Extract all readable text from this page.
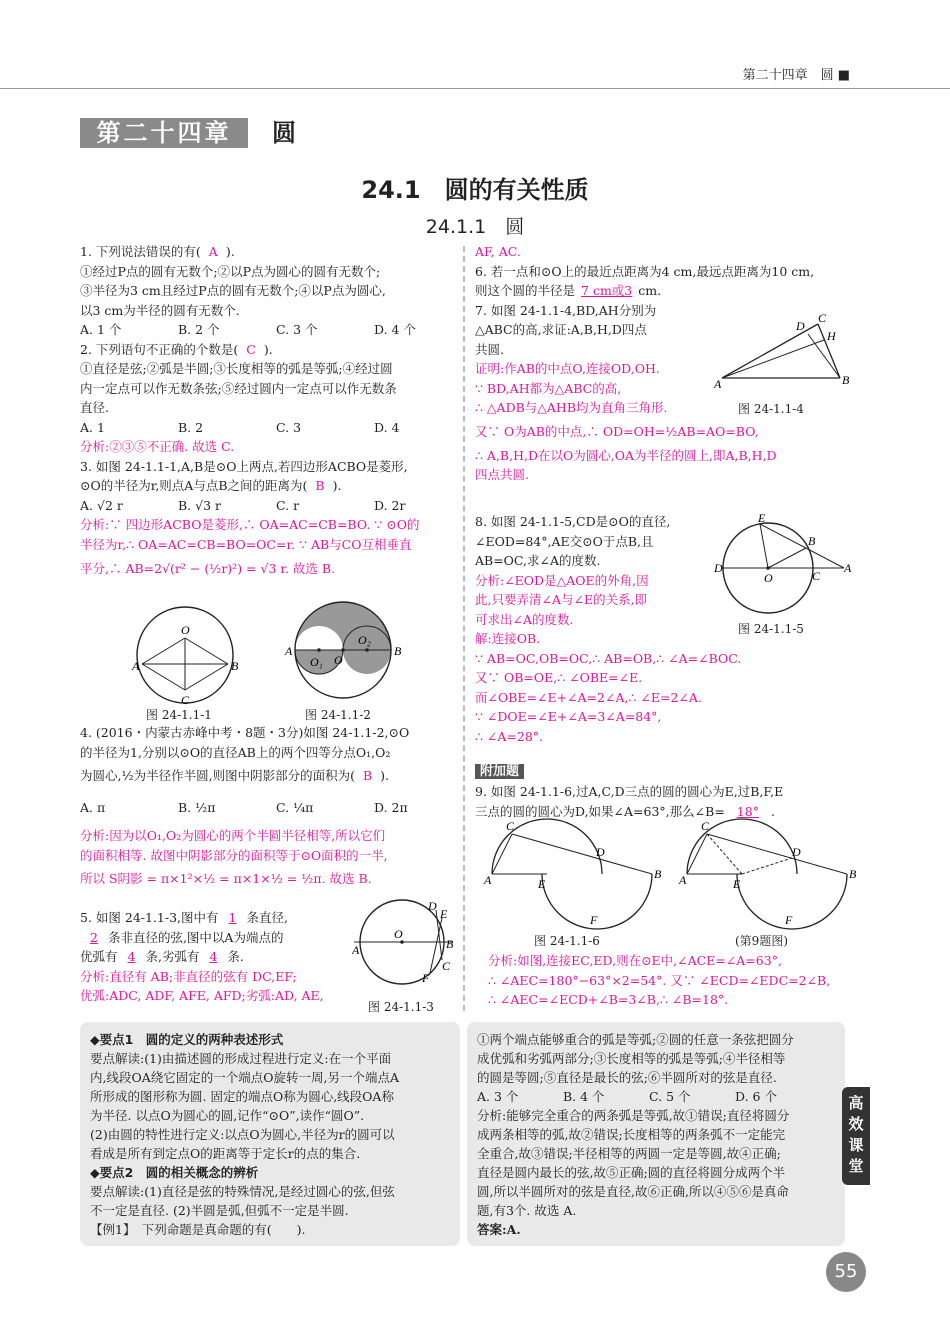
第二十四章　圆 ■
第二十四章	圆
24.1　圆的有关性质
24.1.1　圆

1. 下列说法错误的有( A ).

①经过P点的圆有无数个;②以P点为圆心的圆有无数个;

③半径为3 cm且经过P点的圆有无数个;④以P点为圆心,

以3 cm为半径的圆有无数个.

A. 1 个	B. 2 个	C. 3 个	D. 4 个

2. 下列语句不正确的个数是( C ).

①直径是弦;②弧是半圆;③长度相等的弧是等弧;④经过圆

内一定点可以作无数条弦;⑤经过圆内一定点可以作无数条

直径.

A. 1	B. 2	C. 3	D. 4

分析:②③⑤不正确. 故选 C.

3. 如图 24-1.1-1,A,B是⊙O上两点,若四边形ACBO是菱形,

⊙O的半径为r,则点A与点B之间的距离为( B ).

A. √2 r	B. √3 r	C. r	D. 2r

分析:∵ 四边形ACBO是菱形,∴ OA=AC=CB=BO. ∵ ⊙O的

半径为r,∴ OA=AC=CB=BO=OC=r. ∵ AB与CO互相垂直

平分,∴ AB=2√(r² − (½r)²) = √3 r. 故选 B.

O
A	B
C
A
O₁ O
O₂
B
图 24-1.1-1	图 24-1.1-2

4. (2016・内蒙古赤峰中考・8题・3分)如图 24-1.1-2,⊙O

的半径为1,分别以⊙O的直径AB上的两个四等分点O₁,O₂

为圆心,½为半径作半圆,则图中阴影部分的面积为( B ).

A. π	B. ½π	C. ¼π	D. 2π

分析:因为以O₁,O₂为圆心的两个半圆半径相等,所以它们

的面积相等. 故图中阴影部分的面积等于⊙O面积的一半,

所以 S阴影 = π×1²×½ = π×1×½ = ½π. 故选 B.

5. 如图 24-1.1-3,图中有 1 条直径,

2 条非直径的弦,图中以A为端点的

优弧有 4 条,劣弧有 4 条.

分析:直径有 AB;非直径的弦有 DC,EF;

优弧:ADC, ADF, AFE, AFD;劣弧:AD, AE,

D
E
O
A	B
C
F
图 24-1.1-3

AF, AC.

6. 若一点和⊙O上的最近点距离为4 cm,最远点距离为10 cm,

则这个圆的半径是 7 cm或3 cm.

7. 如图 24-1.1-4,BD,AH分别为

△ABC的高,求证:A,B,H,D四点

共圆.

证明:作AB的中点O,连接OD,OH.

∵ BD,AH都为△ABC的高,

∴ △ADB与△AHB均为直角三角形.

又∵ O为AB的中点,∴ OD=OH=½AB=AO=BO,

∴ A,B,H,D在以O为圆心,OA为半径的圆上,即A,B,H,D

四点共圆.

D
C
H
A	B
图 24-1.1-4

8. 如图 24-1.1-5,CD是⊙O的直径,

∠EOD=84°,AE交⊙O于点B,且

AB=OC,求∠A的度数.

分析:∠EOD是△AOE的外角,因

此,只要弄清∠A与∠E的关系,即

可求出∠A的度数.

解:连接OB.

∵ AB=OC,OB=OC,∴ AB=OB,∴ ∠A=∠BOC.

又∵ OB=OE,∴ ∠OBE=∠E.

而∠OBE=∠E+∠A=2∠A,∴ ∠E=2∠A.

∵ ∠DOE=∠E+∠A=3∠A=84°,

∴ ∠A=28°.

E
B
D
O	C
A
图 24-1.1-5
附加题

9. 如图 24-1.1-6,过A,C,D三点的圆的圆心为E,过B,F,E

三点的圆的圆心为D,如果∠A=63°,那么∠B= 18° .

C
D
A	E
B
F
C
D
A	E
B
F
图 24-1.1-6	(第9题图)

分析:如图,连接EC,ED,则在⊙E中,∠ACE=∠A=63°,

∴ ∠AEC=180°−63°×2=54°. 又∵ ∠ECD=∠EDC=2∠B,

∴ ∠AEC=∠ECD+∠B=3∠B,∴ ∠B=18°.

◆要点1　圆的定义的两种表述形式

要点解读:(1)由描述圆的形成过程进行定义:在一个平面

内,线段OA绕它固定的一个端点O旋转一周,另一个端点A

所形成的图形称为圆. 固定的端点O称为圆心,线段OA称

为半径. 以点O为圆心的圆,记作“⊙O”,读作“圆O”.

(2)由圆的特性进行定义:以点O为圆心,半径为r的圆可以

看成是所有到定点O的距离等于定长r的点的集合.

◆要点2　圆的相关概念的辨析

要点解读:(1)直径是弦的特殊情况,是经过圆心的弦,但弦

不一定是直径. (2)半圆是弧,但弧不一定是半圆.

【例1】　下列命题是真命题的有(　　).

①两个端点能够重合的弧是等弧;②圆的任意一条弦把圆分

成优弧和劣弧两部分;③长度相等的弧是等弧;④半径相等

的圆是等圆;⑤直径是最长的弦;⑥半圆所对的弦是直径.

A. 3 个	B. 4 个	C. 5 个	D. 6 个

分析:能够完全重合的两条弧是等弧,故①错误;直径将圆分

成两条相等的弧,故②错误;长度相等的两条弧不一定能完

全重合,故③错误;半径相等的两圆一定是等圆,故④正确;

直径是圆内最长的弦,故⑤正确;圆的直径将圆分成两个半

圆,所以半圆所对的弦是直径,故⑥正确,所以④⑤⑥是真命

题,有3个. 故选 A.

答案:A.

高
效
课
堂
55
